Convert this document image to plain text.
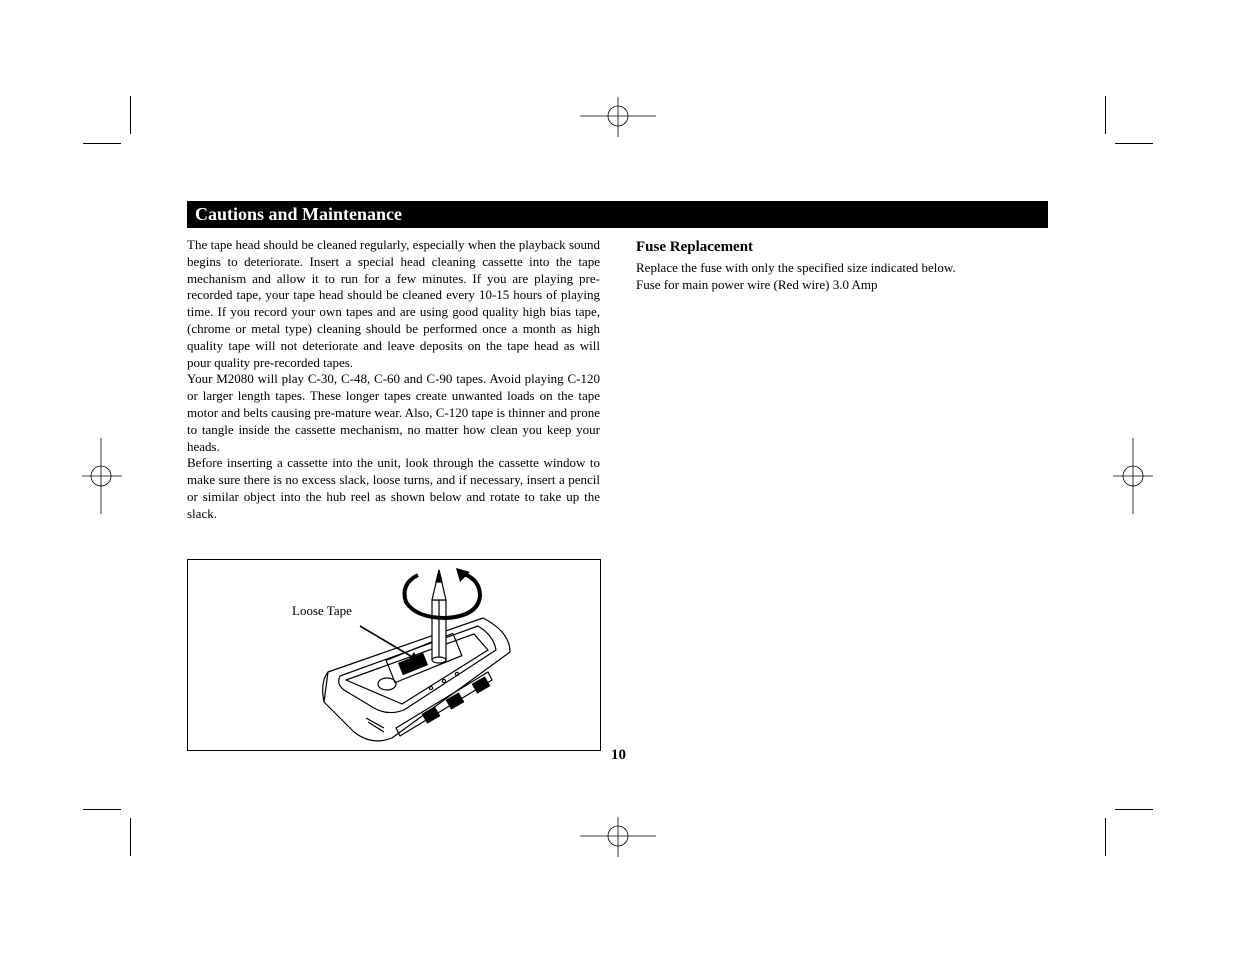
Cautions and Maintenance

The tape head should be cleaned regularly, especially when the playback sound begins to deteriorate. Insert a special head cleaning cassette into the tape mechanism and allow it to run for a few minutes. If you are playing pre-recorded tape, your tape head should be cleaned every 10-15 hours of playing time. If you record your own tapes and are using good quality high bias tape, (chrome or metal type) cleaning should be performed once a month as high quality tape will not deteriorate and leave deposits on the tape head as will pour quality pre-recorded tapes.

Your M2080 will play C-30, C-48, C-60 and C-90 tapes. Avoid playing C-120 or larger length tapes. These longer tapes create unwanted loads on the tape motor and belts causing pre-mature wear. Also, C-120 tape is thinner and prone to tangle inside the cassette mechanism, no matter how clean you keep your heads.

Before inserting a cassette into the unit, look through the cassette window to make sure there is no excess slack, loose turns, and if necessary, insert a pencil or similar object into the hub reel as shown below and rotate to take up the slack.

Fuse Replacement

Replace the fuse with only the specified size indicated below.

Fuse for main power wire (Red wire) 3.0 Amp

Loose Tape
10
